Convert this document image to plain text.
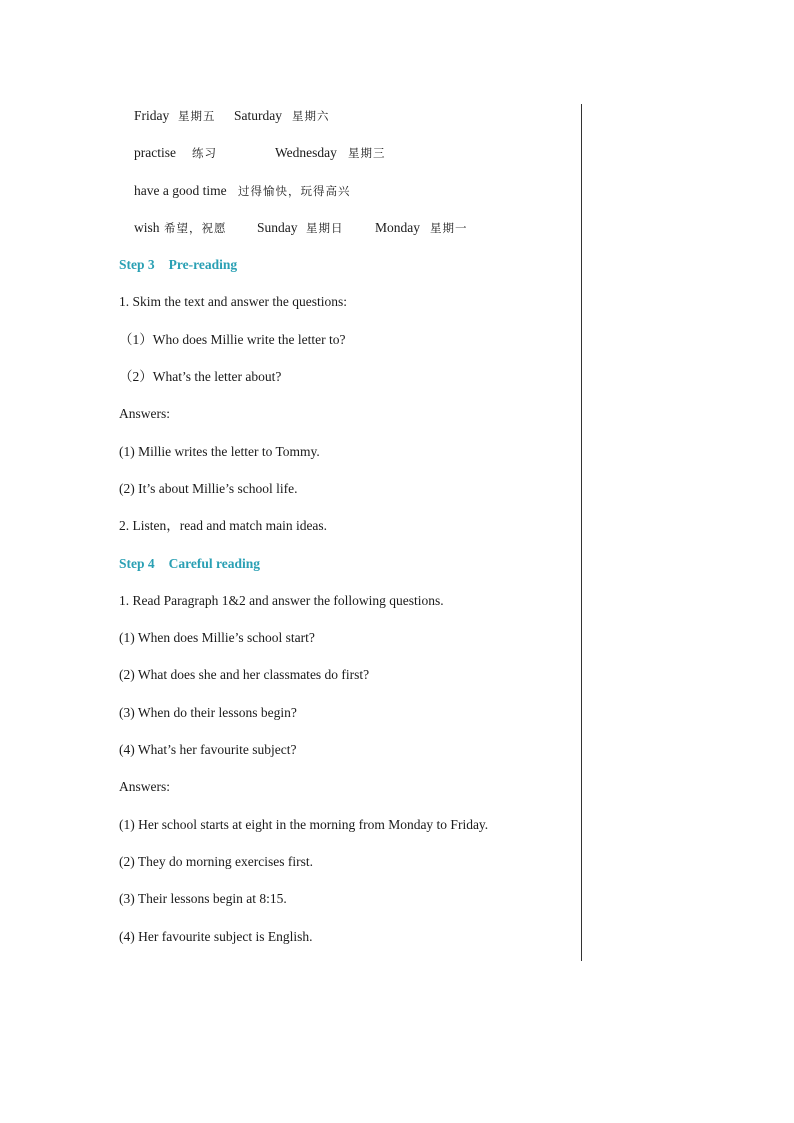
Friday 星期五 Saturday 星期六
practise 练习	Wednesday 星期三
have a good time 过得愉快，玩得高兴
wish 希望，祝愿 Sunday 星期日 Monday 星期一
Step 3 Pre-reading
1. Skim the text and answer the questions:
（1）Who does Millie write the letter to?
（2）What’s the letter about?
Answers:
(1) Millie writes the letter to Tommy.
(2) It’s about Millie’s school life.
2. Listen，read and match main ideas.
Step 4 Careful reading
1. Read Paragraph 1&2 and answer the following questions.
(1) When does Millie’s school start?
(2) What does she and her classmates do first?
(3) When do their lessons begin?
(4) What’s her favourite subject?
Answers:
(1) Her school starts at eight in the morning from Monday to Friday.
(2) They do morning exercises first.
(3) Their lessons begin at 8:15.
(4) Her favourite subject is English.
